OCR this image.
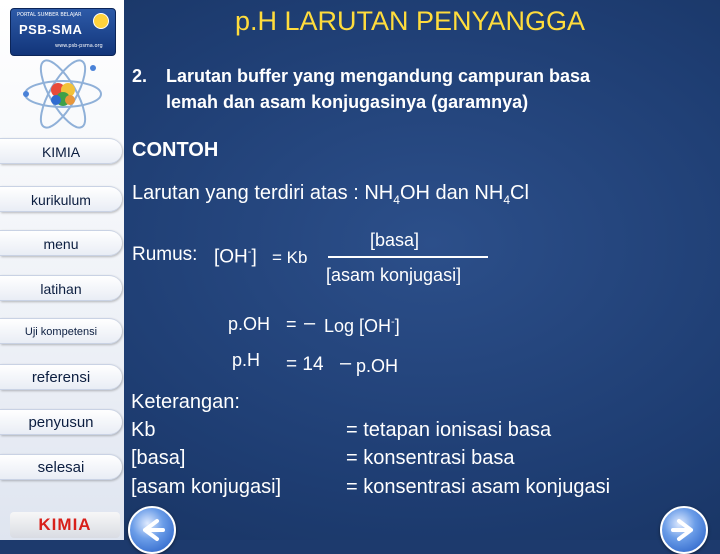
PORTAL SUMBER BELAJAR
PSB-SMA
www.psb-psma.org
KIMIA
kurikulum
menu
latihan
Uji kompetensi
referensi
penyusun
selesai
KIMIA
p.H LARUTAN PENYANGGA
2. Larutan buffer yang mengandung campuran basa
lemah dan asam konjugasinya (garamnya)
CONTOH
Larutan yang terdiri atas : $NH_4OH$ dan $NH_4Cl$
Rumus: [OH-] = Kb
[basa]
[asam konjugasi]
p.OH = – Log [OH-]
p.H = 14 – p.OH
Keterangan:
Kb	= tetapan ionisasi basa
[basa]	= konsentrasi basa
[asam konjugasi]	= konsentrasi asam konjugasi
